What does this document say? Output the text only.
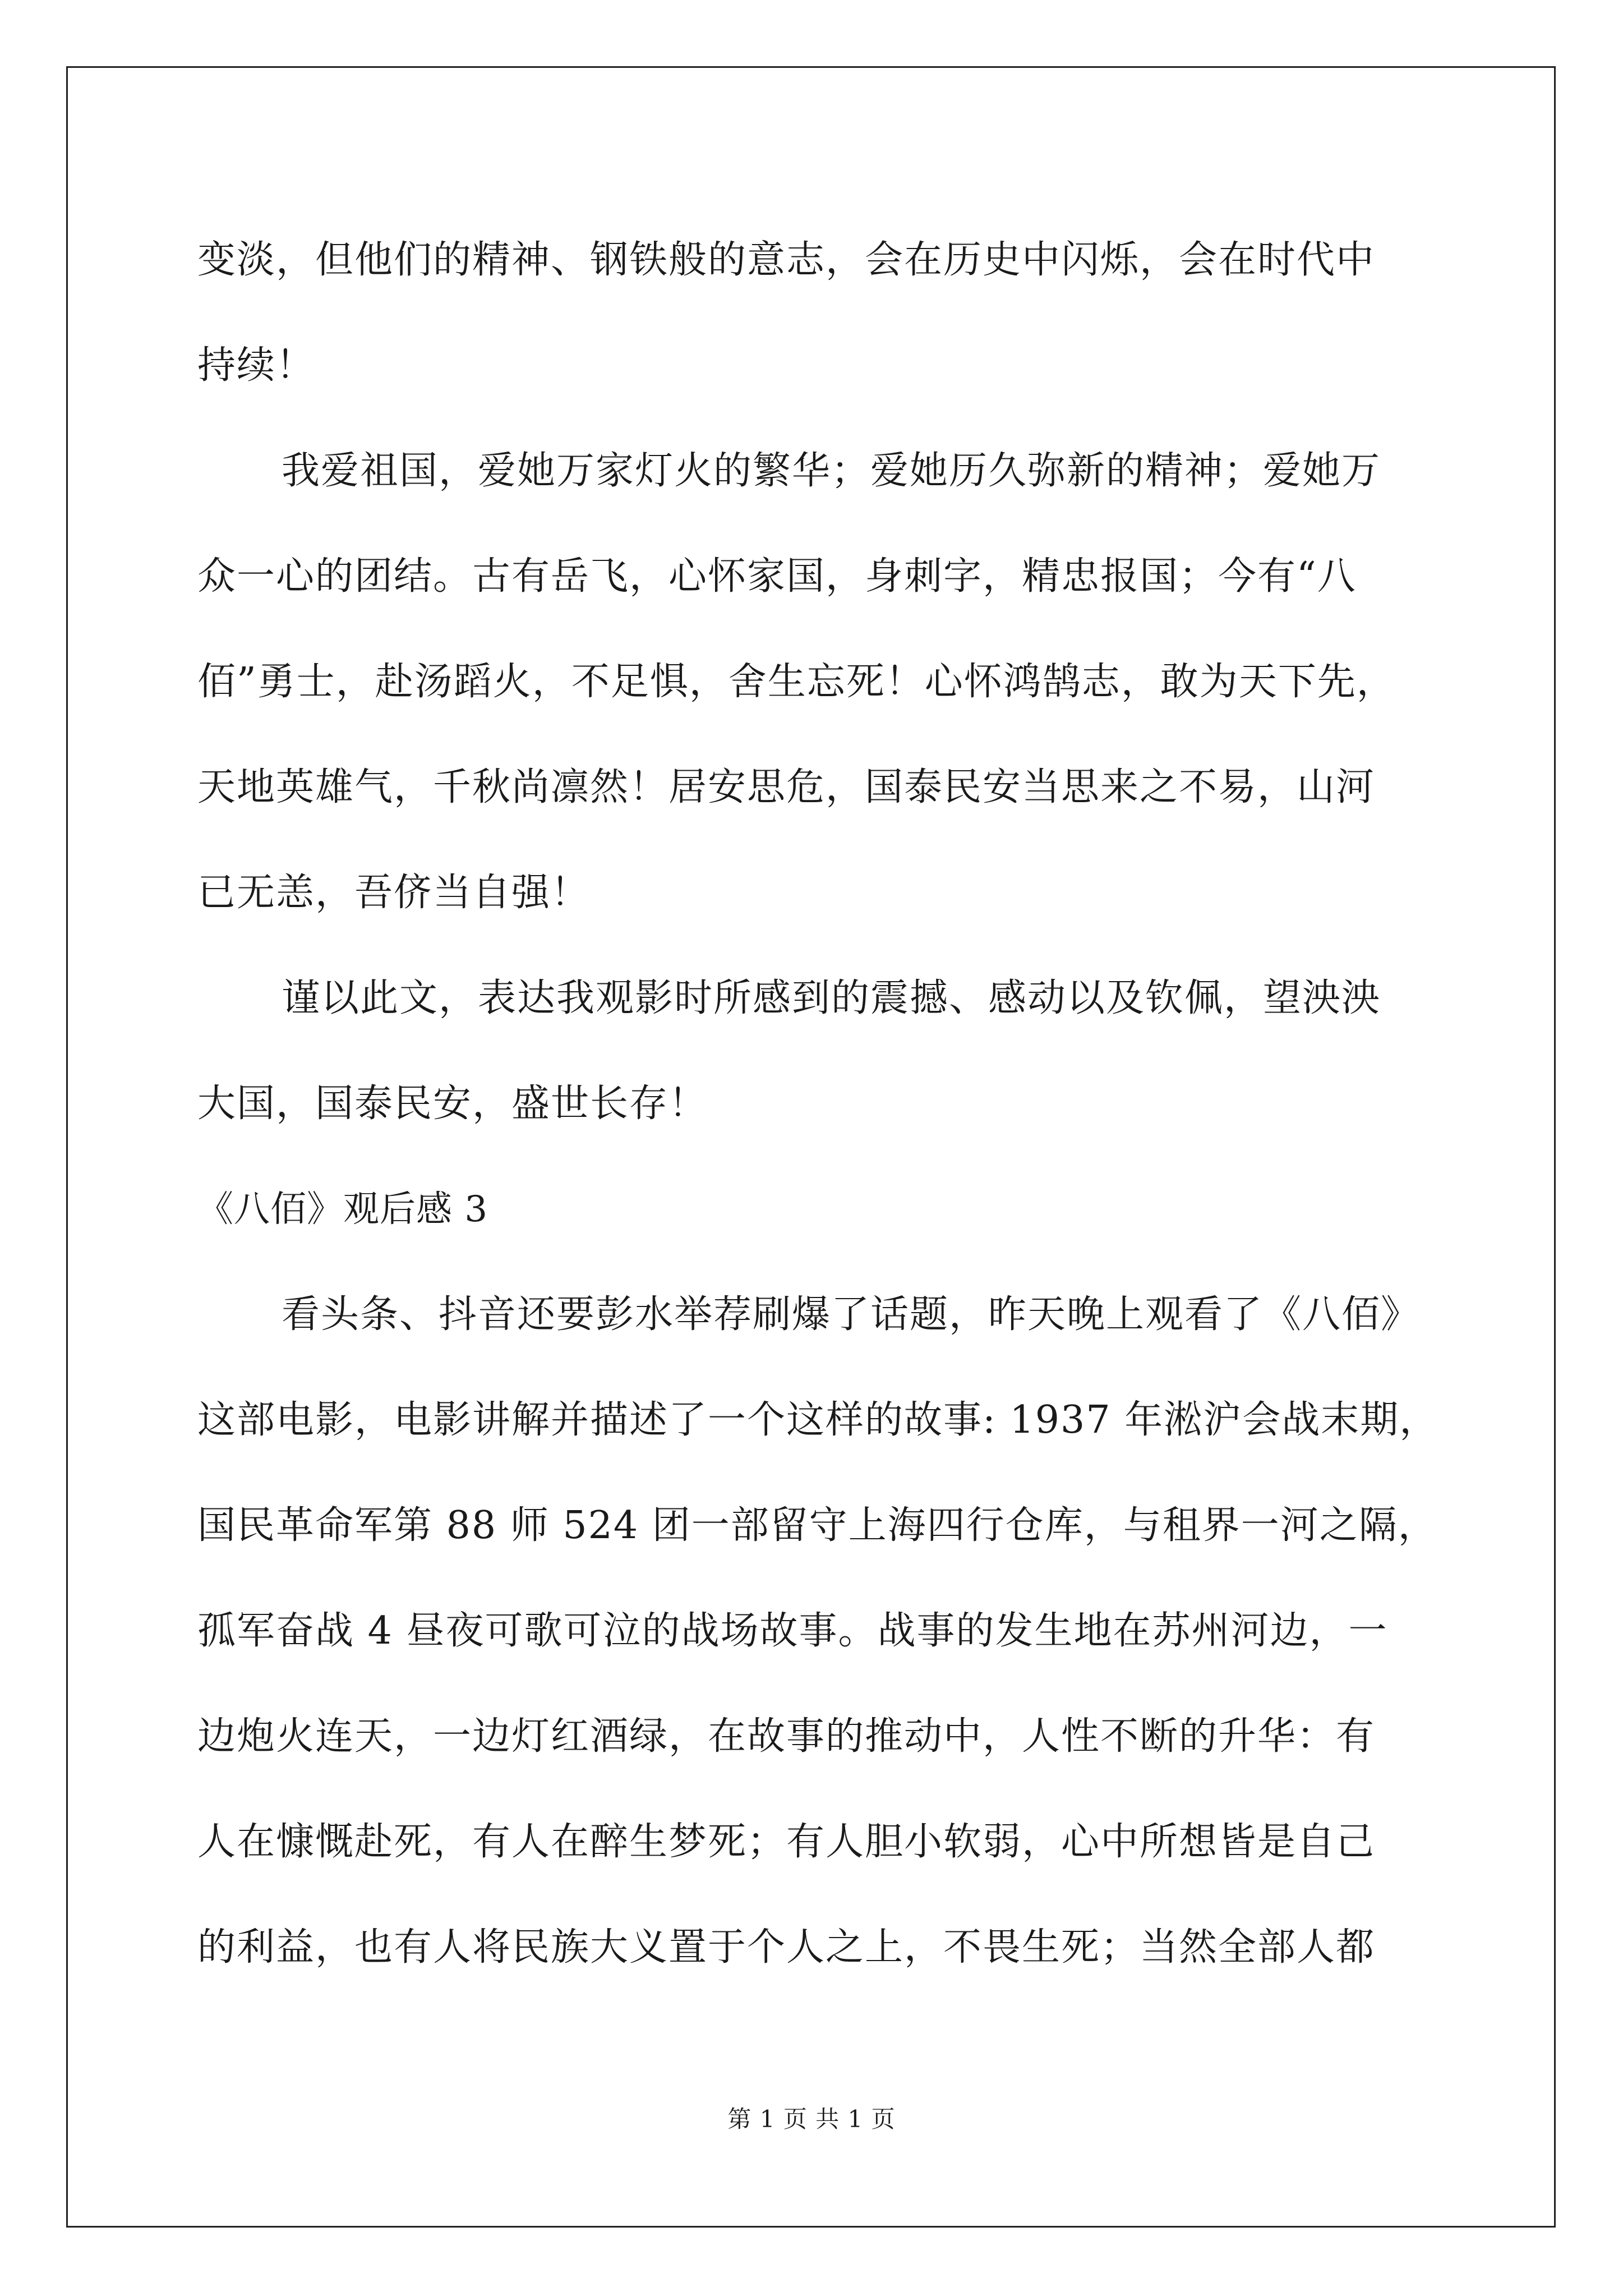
变淡，但他们的精神、钢铁般的意志，会在历史中闪烁，会在时代中
持续！
我爱祖国，爱她万家灯火的繁华；爱她历久弥新的精神；爱她万
众一心的团结。古有岳飞，心怀家国，身刺字，精忠报国；今有“八
佰”勇士，赴汤蹈火，不足惧，舍生忘死！心怀鸿鹄志，敢为天下先，
天地英雄气，千秋尚凛然！居安思危，国泰民安当思来之不易，山河
已无恙，吾侪当自强！
谨以此文，表达我观影时所感到的震撼、感动以及钦佩，望泱泱
大国，国泰民安，盛世长存！
《八佰》观后感 3
看头条、抖音还要彭水举荐刷爆了话题，昨天晚上观看了《八佰》
这部电影，电影讲解并描述了一个这样的故事: 1937 年淞沪会战末期，
国民革命军第 88 师 524 团一部留守上海四行仓库，与租界一河之隔，
孤军奋战 4 昼夜可歌可泣的战场故事。战事的发生地在苏州河边，一
边炮火连天，一边灯红酒绿，在故事的推动中，人性不断的升华：有
人在慷慨赴死，有人在醉生梦死；有人胆小软弱，心中所想皆是自己
的利益，也有人将民族大义置于个人之上，不畏生死；当然全部人都
第 1 页 共 1 页
